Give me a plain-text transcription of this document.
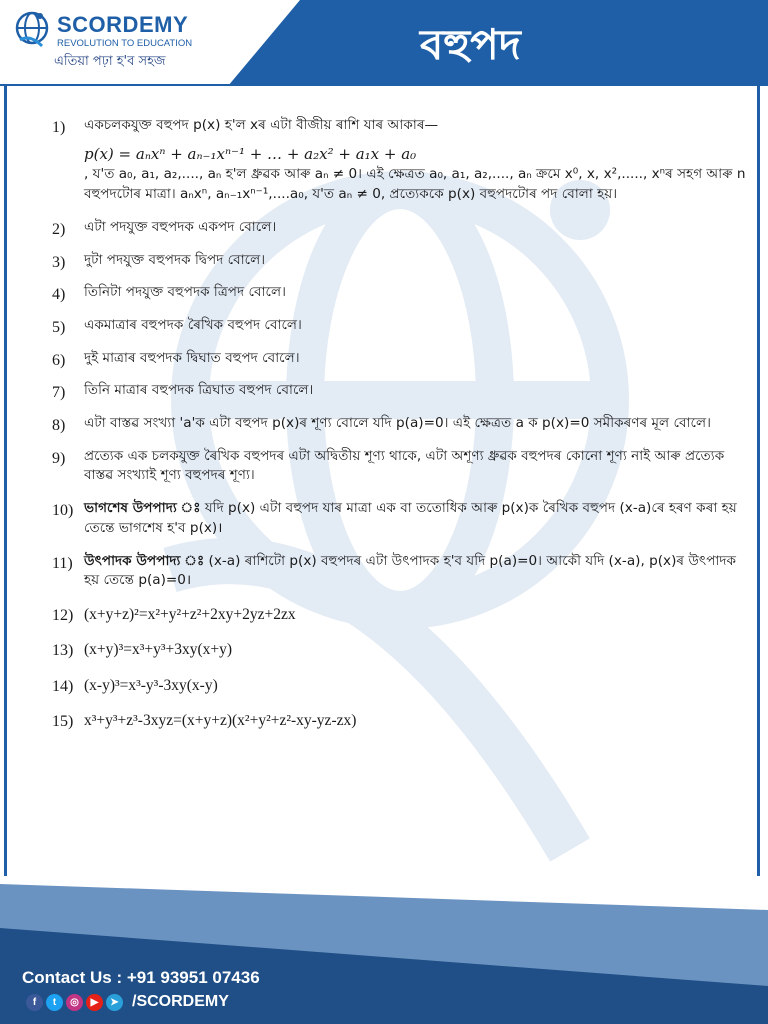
SCORDEMY
REVOLUTION TO EDUCATION
এতিয়া পঢ়া হ'ব সহজ	বহুপদ
1) একচলকযুক্ত বহুপদ p(x) হ'ল xৰ এটা বীজীয় ৰাশি যাৰ আকাৰ—
p(x) = aₙxⁿ + aₙ₋₁xⁿ⁻¹ + … + a₂x² + a₁x + a₀
, য'ত a₀, a₁, a₂,...., aₙ হ'ল ধ্ৰুৱক আৰু aₙ ≠ 0। এই ক্ষেত্ৰত a₀, a₁, a₂,...., aₙ ক্ৰমে x⁰, x, x²,....., xⁿৰ সহগ আৰু n বহুপদটোৰ মাত্ৰা। aₙxⁿ, aₙ₋₁xⁿ⁻¹,....a₀, য'ত aₙ ≠ 0, প্ৰত্যেককে p(x) বহুপদটোৰ পদ বোলা হয়।
2) এটা পদযুক্ত বহুপদক একপদ বোলে।
3) দুটা পদযুক্ত বহুপদক দ্বিপদ বোলে।
4) তিনিটা পদযুক্ত বহুপদক ত্ৰিপদ বোলে।
5) একমাত্ৰাৰ বহুপদক ৰৈখিক বহুপদ বোলে।
6) দুই মাত্ৰাৰ বহুপদক দ্বিঘাত বহুপদ বোলে।
7) তিনি মাত্ৰাৰ বহুপদক ত্ৰিঘাত বহুপদ বোলে।
8) এটা বাস্তৱ সংখ্যা 'a'ক এটা বহুপদ p(x)ৰ শূণ্য বোলে যদি p(a)=0। এই ক্ষেত্ৰত a ক p(x)=0 সমীকৰণৰ মূল বোলে।
9) প্ৰত্যেক এক চলকযুক্ত ৰৈখিক বহুপদৰ এটা অদ্বিতীয় শূণ্য থাকে, এটা অশূণ্য ধ্ৰুৱক বহুপদৰ কোনো শূণ্য নাই আৰু প্ৰত্যেক বাস্তৱ সংখ্যাই শূণ্য বহুপদৰ শূণ্য।
10) ভাগশেষ উপপাদ্য ঃ যদি p(x) এটা বহুপদ যাৰ মাত্ৰা এক বা ততোধিক আৰু p(x)ক ৰৈখিক বহুপদ (x-a)ৰে হৰণ কৰা হয় তেন্তে ভাগশেষ হ'ব p(x)।
11) উৎপাদক উপপাদ্য ঃ (x-a) ৰাশিটো p(x) বহুপদৰ এটা উৎপাদক হ'ব যদি p(a)=0। আকৌ যদি (x-a), p(x)ৰ উৎপাদক হয় তেন্তে p(a)=0।
12) (x+y+z)²=x²+y²+z²+2xy+2yz+2zx
13) (x+y)³=x³+y³+3xy(x+y)
14) (x-y)³=x³-y³-3xy(x-y)
15) x³+y³+z³-3xyz=(x+y+z)(x²+y²+z²-xy-yz-zx)
Contact Us : +91 93951 07436
f	t	◎	▶	➤ /SCORDEMY
